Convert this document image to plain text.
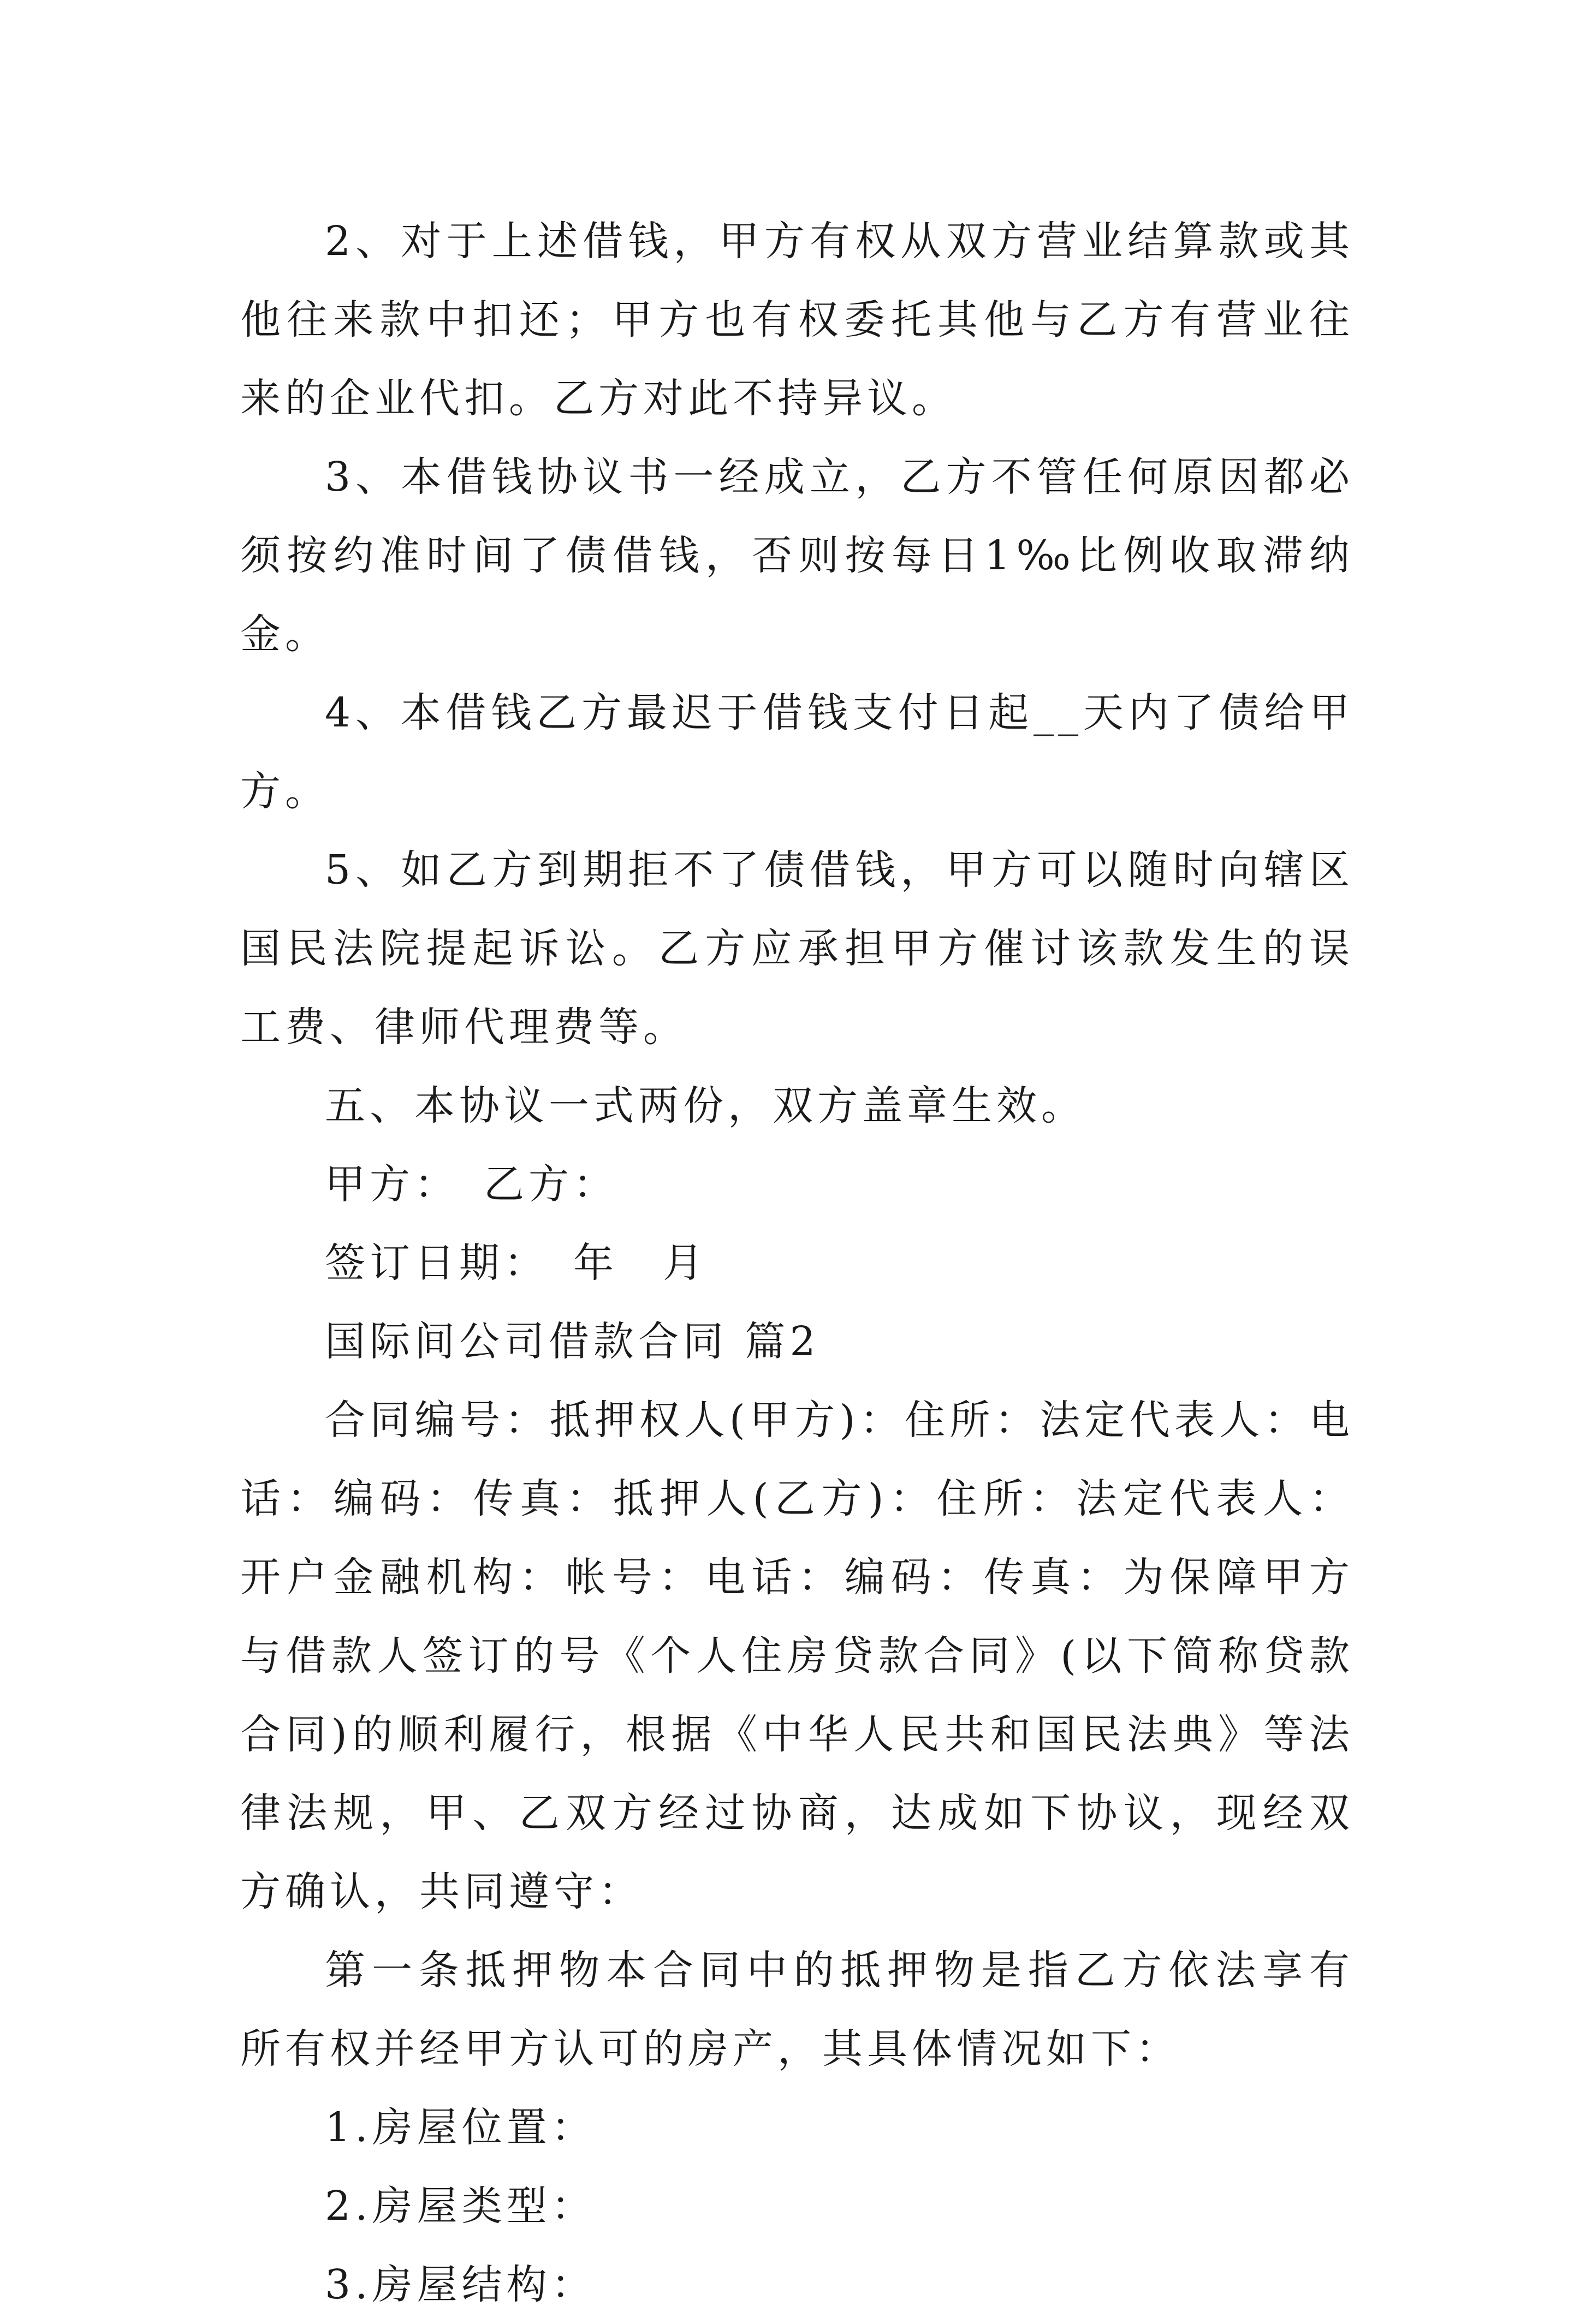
2、对于上述借钱，甲方有权从双方营业结算款或其他往来款中扣还；甲方也有权委托其他与乙方有营业往来的企业代扣。乙方对此不持异议。

3、本借钱协议书一经成立，乙方不管任何原因都必须按约准时间了债借钱，否则按每日1‰比例收取滞纳金。

4、本借钱乙方最迟于借钱支付日起__天内了债给甲方。

5、如乙方到期拒不了债借钱，甲方可以随时向辖区国民法院提起诉讼。乙方应承担甲方催讨该款发生的误工费、律师代理费等。

五、本协议一式两份，双方盖章生效。

甲方：　乙方：

签订日期：　年　月

国际间公司借款合同 篇2

合同编号：抵押权人(甲方)：住所：法定代表人：电话：编码：传真：抵押人(乙方)：住所：法定代表人：开户金融机构：帐号：电话：编码：传真：为保障甲方与借款人签订的号《个人住房贷款合同》(以下简称贷款合同)的顺利履行，根据《中华人民共和国民法典》等法律法规，甲、乙双方经过协商，达成如下协议，现经双方确认，共同遵守：

第一条抵押物本合同中的抵押物是指乙方依法享有所有权并经甲方认可的房产，其具体情况如下：

1.房屋位置：

2.房屋类型：

3.房屋结构：
